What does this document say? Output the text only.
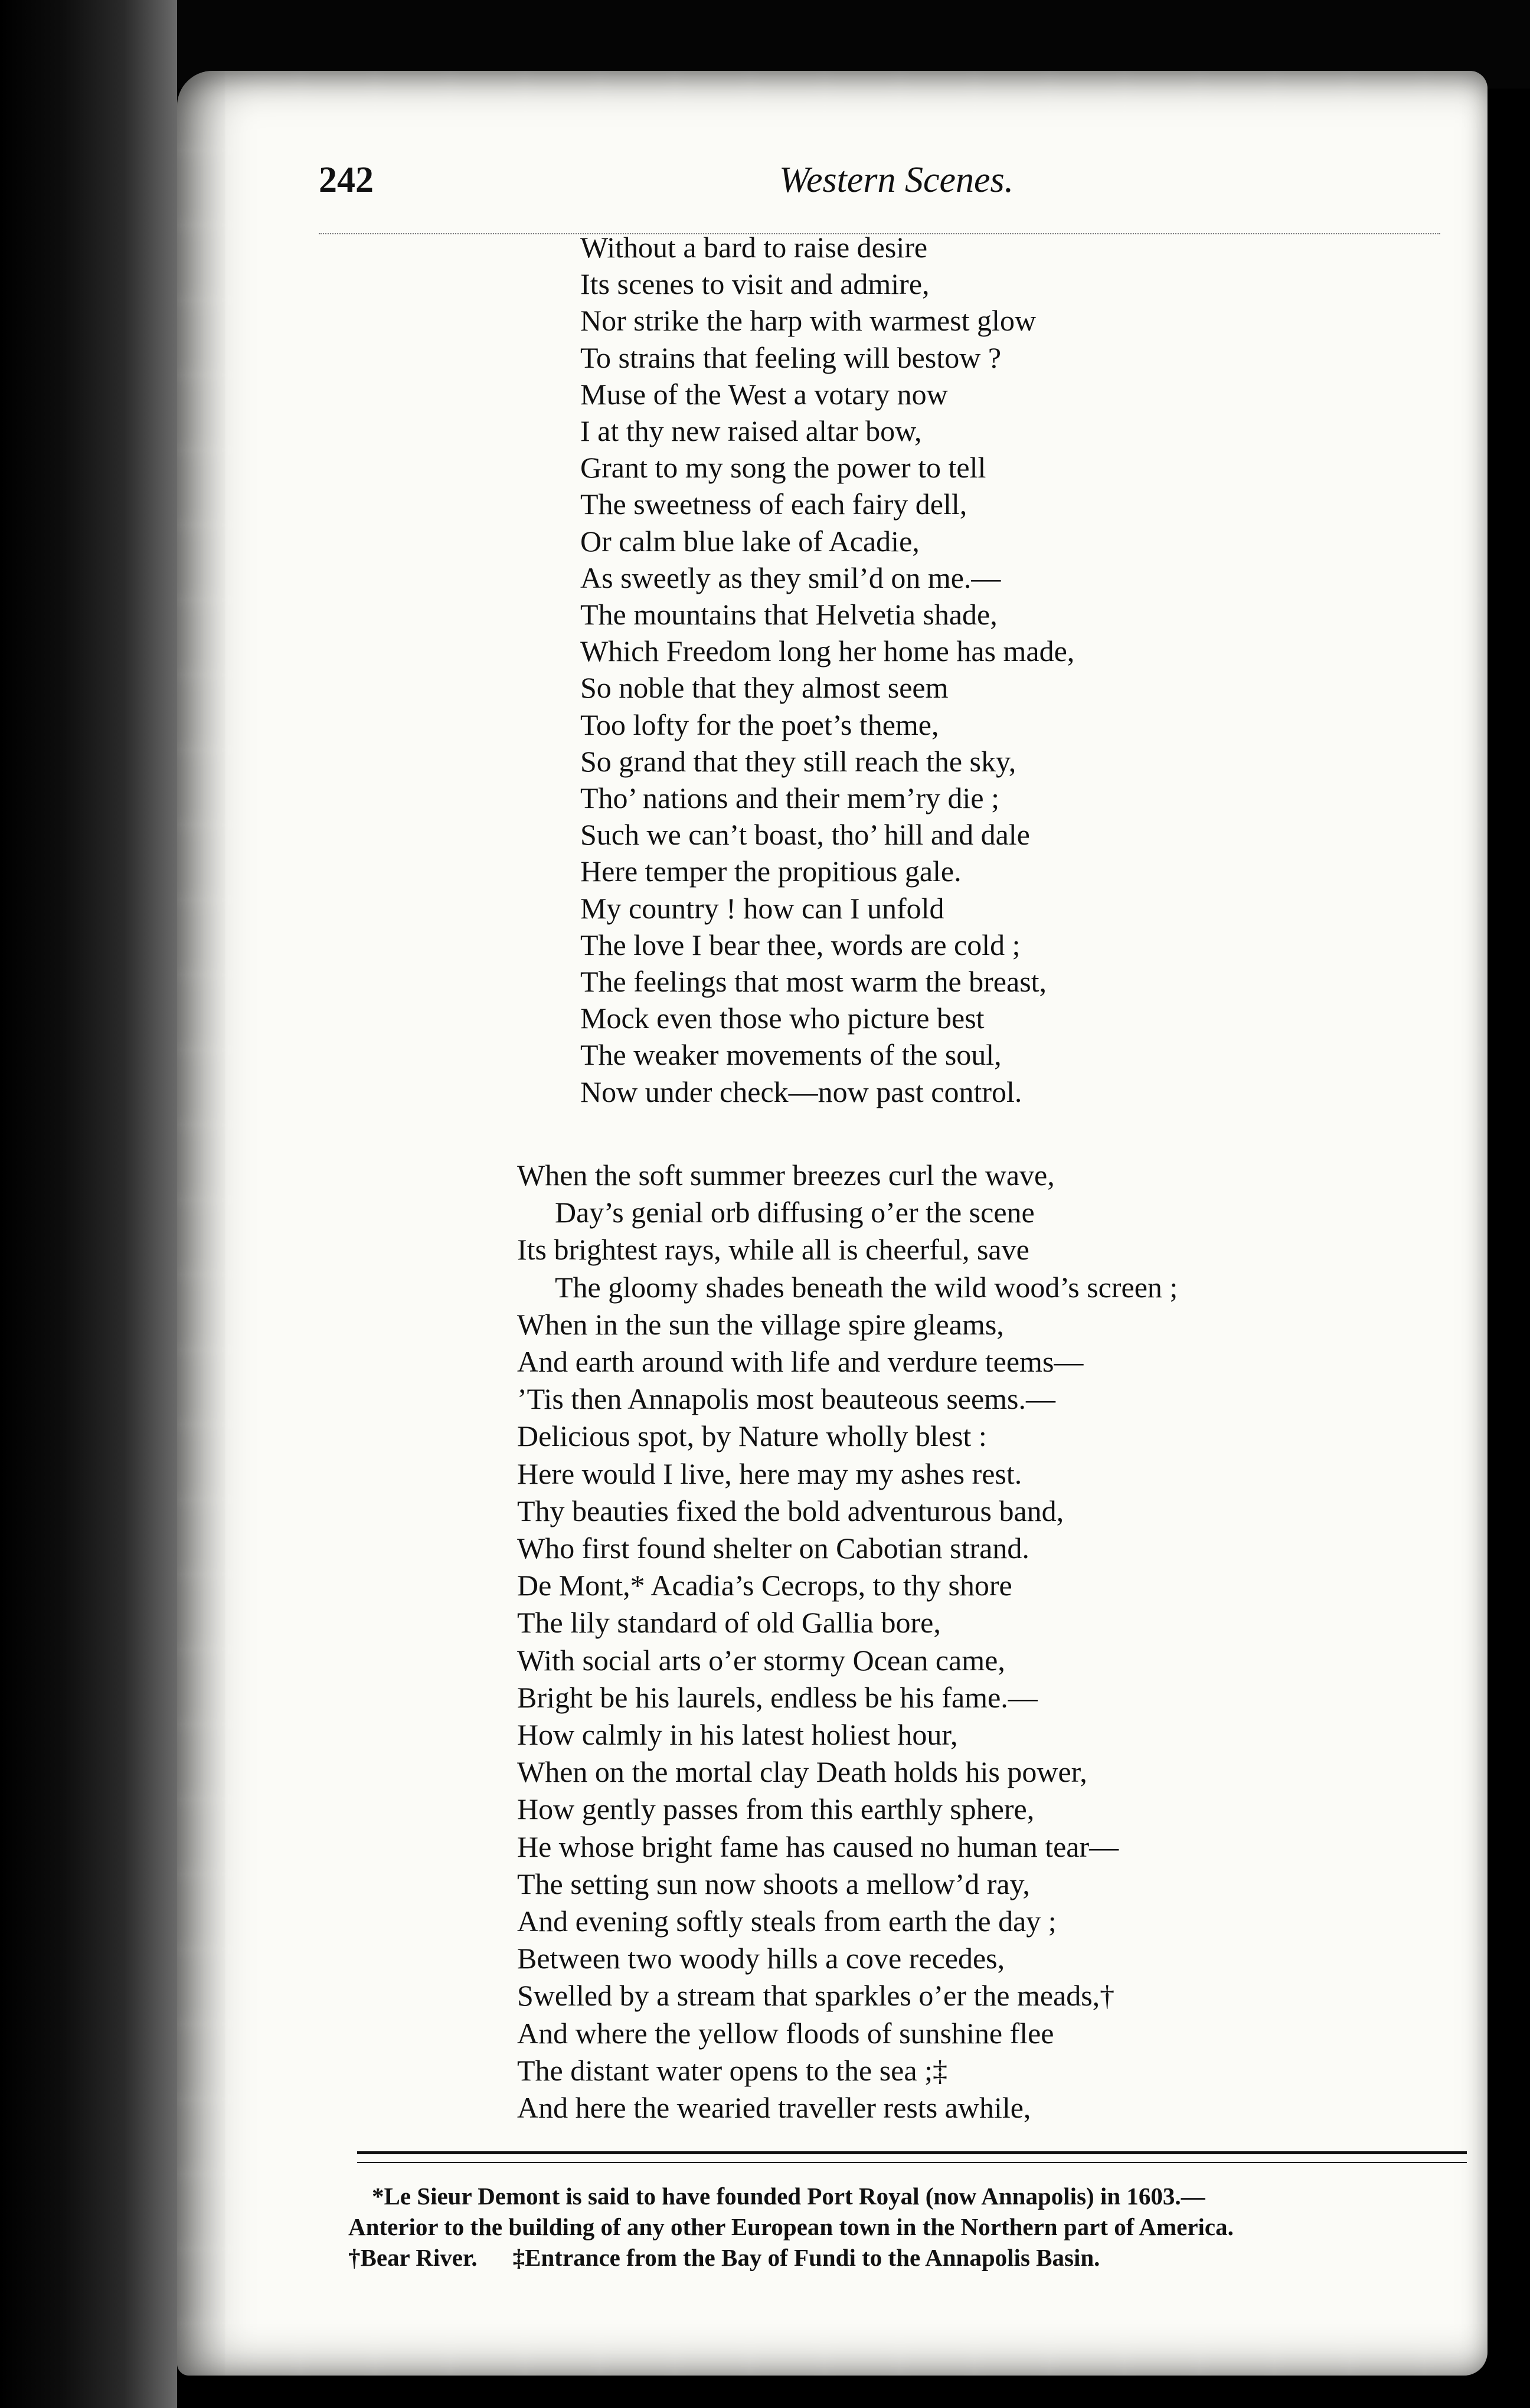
242	Western Scenes.
Without a bard to raise desire
Its scenes to visit and admire,
Nor strike the harp with warmest glow
To strains that feeling will bestow ?
Muse of the West a votary now
I at thy new raised altar bow,
Grant to my song the power to tell
The sweetness of each fairy dell,
Or calm blue lake of Acadie,
As sweetly as they smil’d on me.—
The mountains that Helvetia shade,
Which Freedom long her home has made,
So noble that they almost seem
Too lofty for the poet’s theme,
So grand that they still reach the sky,
Tho’ nations and their mem’ry die ;
Such we can’t boast, tho’ hill and dale
Here temper the propitious gale.
My country ! how can I unfold
The love I bear thee, words are cold ;
The feelings that most warm the breast,
Mock even those who picture best
The weaker movements of the soul,
Now under check—now past control.
When the soft summer breezes curl the wave,
Day’s genial orb diffusing o’er the scene
Its brightest rays, while all is cheerful, save
The gloomy shades beneath the wild wood’s screen ;
When in the sun the village spire gleams,
And earth around with life and verdure teems—
’Tis then Annapolis most beauteous seems.—
Delicious spot, by Nature wholly blest :
Here would I live, here may my ashes rest.
Thy beauties fixed the bold adventurous band,
Who first found shelter on Cabotian strand.
De Mont,* Acadia’s Cecrops, to thy shore
The lily standard of old Gallia bore,
With social arts o’er stormy Ocean came,
Bright be his laurels, endless be his fame.—
How calmly in his latest holiest hour,
When on the mortal clay Death holds his power,
How gently passes from this earthly sphere,
He whose bright fame has caused no human tear—
The setting sun now shoots a mellow’d ray,
And evening softly steals from earth the day ;
Between two woody hills a cove recedes,
Swelled by a stream that sparkles o’er the meads,†
And where the yellow floods of sunshine flee
The distant water opens to the sea ;‡
And here the wearied traveller rests awhile,
*Le Sieur Demont is said to have founded Port Royal (now Annapolis) in 1603.—
Anterior to the building of any other European town in the Northern part of America.
†Bear River. ‡Entrance from the Bay of Fundi to the Annapolis Basin.
